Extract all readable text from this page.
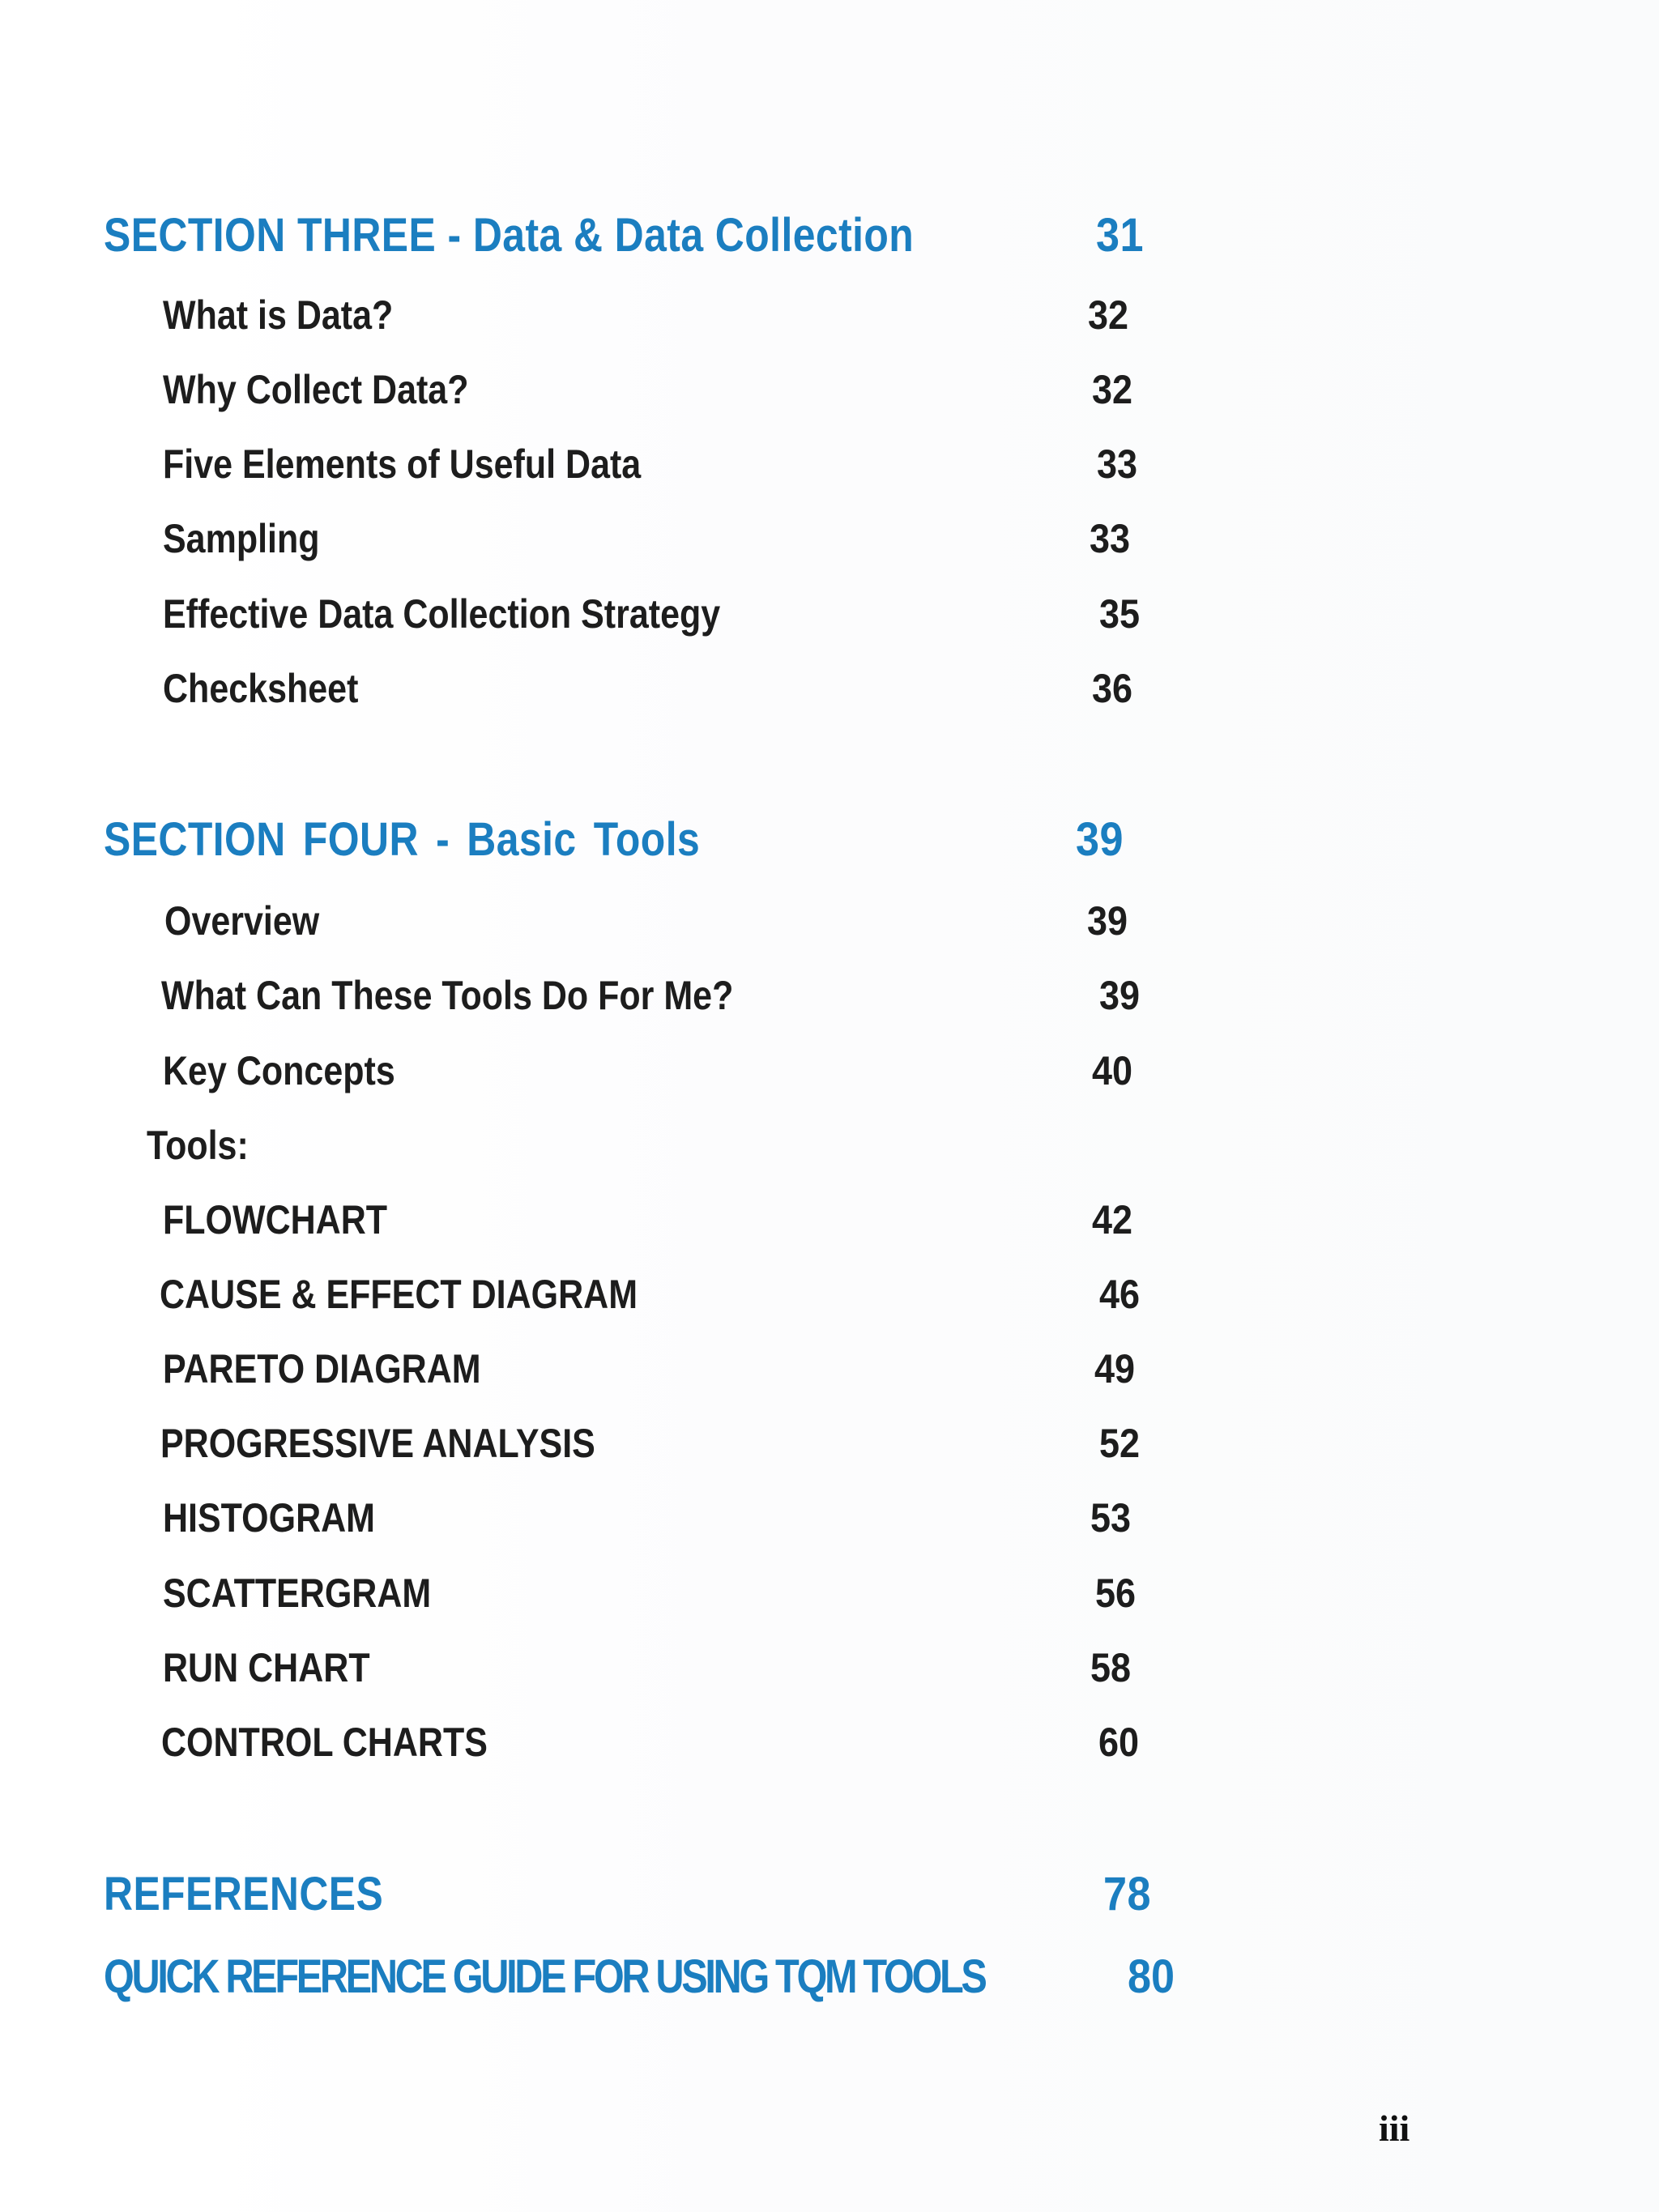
SECTION THREE - Data & Data Collection	31
What is Data?	32
Why Collect Data?	32
Five Elements of Useful Data	33
Sampling	33
Effective Data Collection Strategy	35
Checksheet	36
SECTION FOUR - Basic Tools	39
Overview	39
What Can These Tools Do For Me?	39
Key Concepts	40
Tools:
FLOWCHART	42
CAUSE & EFFECT DIAGRAM	46
PARETO DIAGRAM	49
PROGRESSIVE ANALYSIS	52
HISTOGRAM	53
SCATTERGRAM	56
RUN CHART	58
CONTROL CHARTS	60
REFERENCES	78
QUICK REFERENCE GUIDE FOR USING TQM TOOLS	80
iii
